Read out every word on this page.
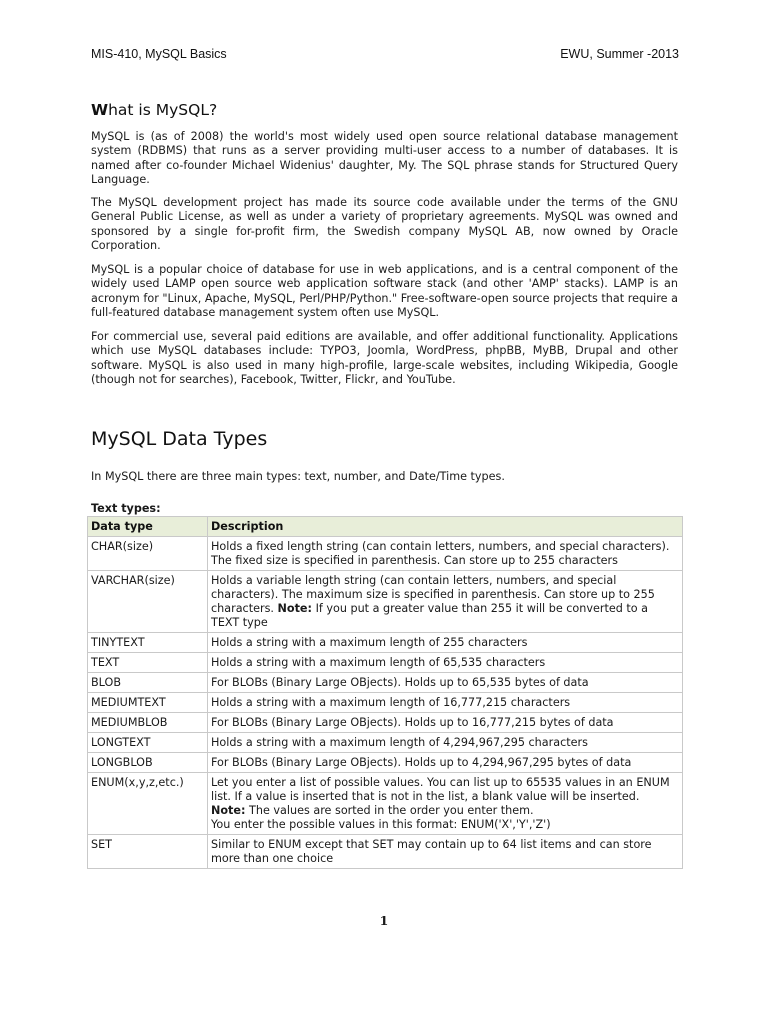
MIS-410, MySQL Basics	EWU, Summer -2013
What is MySQL?

MySQL is (as of 2008) the world's most widely used open source relational database management system (RDBMS) that runs as a server providing multi-user access to a number of databases. It is named after co-founder Michael Widenius' daughter, My. The SQL phrase stands for Structured Query Language.

The MySQL development project has made its source code available under the terms of the GNU General Public License, as well as under a variety of proprietary agreements. MySQL was owned and sponsored by a single for-profit firm, the Swedish company MySQL AB, now owned by Oracle Corporation.

MySQL is a popular choice of database for use in web applications, and is a central component of the widely used LAMP open source web application software stack (and other 'AMP' stacks). LAMP is an acronym for "Linux, Apache, MySQL, Perl/PHP/Python." Free-software-open source projects that require a full-featured database management system often use MySQL.

For commercial use, several paid editions are available, and offer additional functionality. Applications which use MySQL databases include: TYPO3, Joomla, WordPress, phpBB, MyBB, Drupal and other software. MySQL is also used in many high-profile, large-scale websites, including Wikipedia, Google (though not for searches), Facebook, Twitter, Flickr, and YouTube.

MySQL Data Types

In MySQL there are three main types: text, number, and Date/Time types.

Text types:

Data type	Description
CHAR(size)	Holds a fixed length string (can contain letters, numbers, and special characters). The fixed size is specified in parenthesis. Can store up to 255 characters
VARCHAR(size)	Holds a variable length string (can contain letters, numbers, and special characters). The maximum size is specified in parenthesis. Can store up to 255 characters. Note: If you put a greater value than 255 it will be converted to a TEXT type
TINYTEXT	Holds a string with a maximum length of 255 characters
TEXT	Holds a string with a maximum length of 65,535 characters
BLOB	For BLOBs (Binary Large OBjects). Holds up to 65,535 bytes of data
MEDIUMTEXT	Holds a string with a maximum length of 16,777,215 characters
MEDIUMBLOB	For BLOBs (Binary Large OBjects). Holds up to 16,777,215 bytes of data
LONGTEXT	Holds a string with a maximum length of 4,294,967,295 characters
LONGBLOB	For BLOBs (Binary Large OBjects). Holds up to 4,294,967,295 bytes of data
ENUM(x,y,z,etc.)	Let you enter a list of possible values. You can list up to 65535 values in an ENUM list. If a value is inserted that is not in the list, a blank value will be inserted.
Note: The values are sorted in the order you enter them.
You enter the possible values in this format: ENUM('X','Y','Z')
SET	Similar to ENUM except that SET may contain up to 64 list items and can store more than one choice
1
